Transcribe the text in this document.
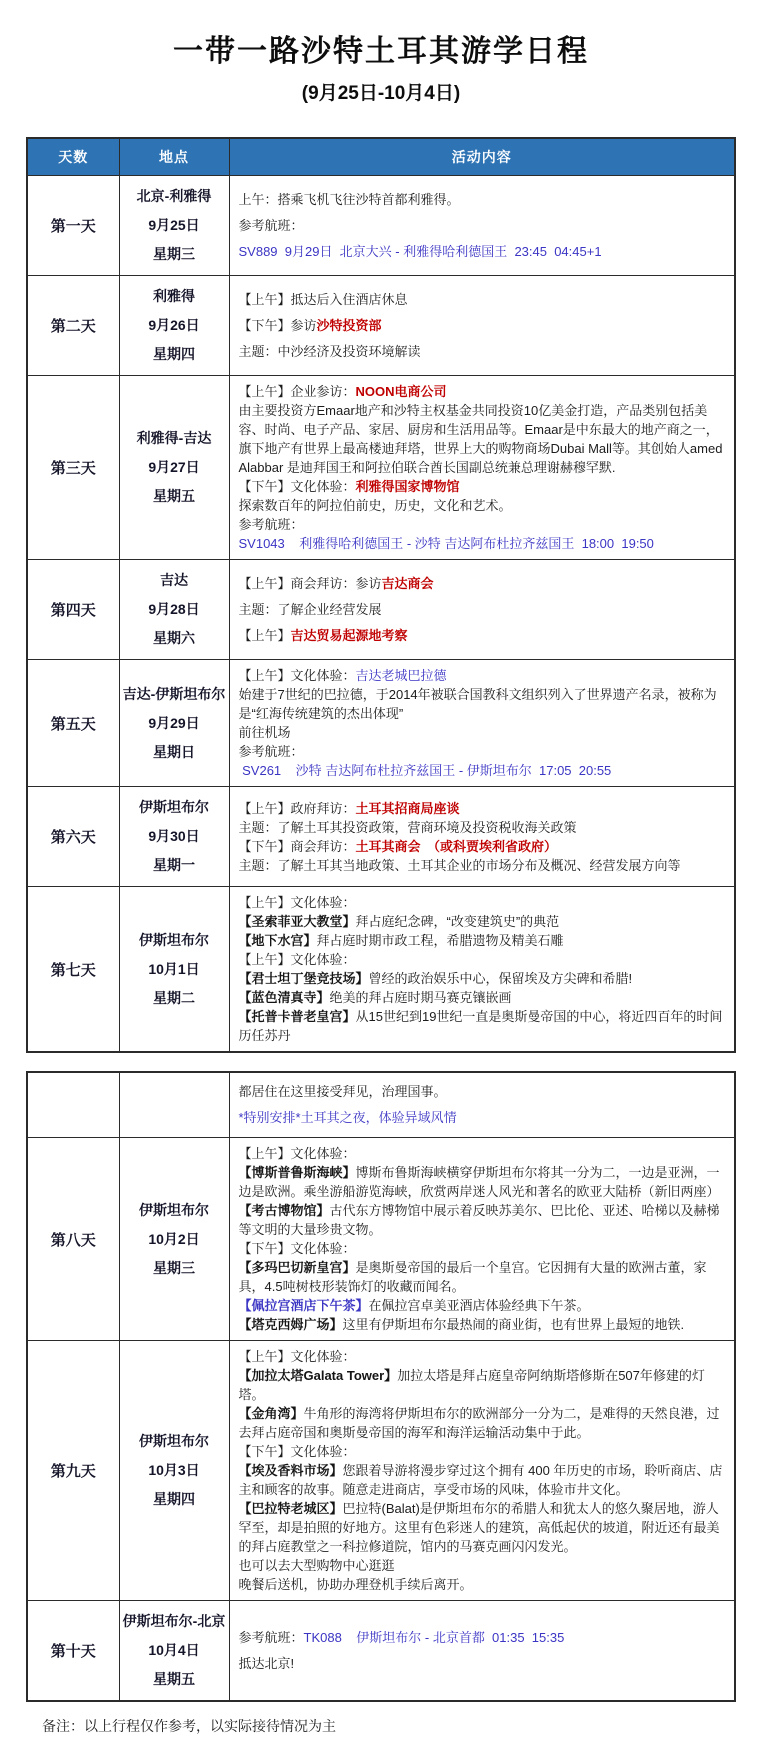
一带一路沙特土耳其游学日程
(9月25日-10月4日)
天数	地点	活动内容
第一天	
北京-利雅得
9月25日
星期三

上午：搭乘飞机飞往沙特首都利雅得。
参考航班：
SV889  9月29日  北京大兴 - 利雅得哈利德国王  23:45  04:45+1

第二天	
利雅得
9月26日
星期四

【上午】抵达后入住酒店休息
【下午】参访沙特投资部
主题：中沙经济及投资环境解读

第三天	
利雅得-吉达
9月27日
星期五

【上午】企业参访：NOON电商公司
由主要投资方Emaar地产和沙特主权基金共同投资10亿美金打造，产品类别包括美容、时尚、电子产品、家居、厨房和生活用品等。Emaar是中东最大的地产商之一，旗下地产有世界上最高楼迪拜塔，世界上大的购物商场Dubai Mall等。其创始人amed Alabbar 是迪拜国王和阿拉伯联合酋长国副总统兼总理谢赫穆罕默.
【下午】文化体验：利雅得国家博物馆
探索数百年的阿拉伯前史，历史，文化和艺术。
参考航班：
SV1043    利雅得哈利德国王 - 沙特 吉达阿布杜拉齐兹国王  18:00  19:50

第四天	
吉达
9月28日
星期六

【上午】商会拜访：参访吉达商会
主题：了解企业经营发展
【上午】吉达贸易起源地考察

第五天	
吉达-伊斯坦布尔
9月29日
星期日

【上午】文化体验：吉达老城巴拉德
始建于7世纪的巴拉德，于2014年被联合国教科文组织列入了世界遗产名录，被称为是“红海传统建筑的杰出体现”
前往机场
参考航班：
SV261    沙特 吉达阿布杜拉齐兹国王 - 伊斯坦布尔  17:05  20:55

第六天	
伊斯坦布尔
9月30日
星期一

【上午】政府拜访：土耳其招商局座谈
主题：了解土耳其投资政策，营商环境及投资税收海关政策
【下午】商会拜访：土耳其商会　（或科贾埃利省政府）
主题：了解土耳其当地政策、土耳其企业的市场分布及概况、经营发展方向等

第七天	
伊斯坦布尔
10月1日
星期二

【上午】文化体验：
【圣索菲亚大教堂】拜占庭纪念碑，“改变建筑史”的典范
【地下水宫】拜占庭时期市政工程，希腊遗物及精美石雕
【上午】文化体验：
【君士坦丁堡竞技场】曾经的政治娱乐中心，保留埃及方尖碑和希腊!
【蓝色清真寺】绝美的拜占庭时期马赛克镶嵌画
【托普卡普老皇宫】从15世纪到19世纪一直是奥斯曼帝国的中心，将近四百年的时间历任苏丹

		都居住在这里接受拜见，治理国事。
*特别安排*土耳其之夜，体验异域风情

第八天	
伊斯坦布尔
10月2日
星期三

【上午】文化体验：
【博斯普鲁斯海峡】博斯布鲁斯海峡横穿伊斯坦布尔将其一分为二，一边是亚洲，一边是欧洲。乘坐游船游览海峡，欣赏两岸迷人风光和著名的欧亚大陆桥（新旧两座）
【考古博物馆】古代东方博物馆中展示着反映苏美尔、巴比伦、亚述、哈梯以及赫梯等文明的大量珍贵文物。
【下午】文化体验：
【多玛巴切新皇宫】是奥斯曼帝国的最后一个皇宫。它因拥有大量的欧洲古董，家具，4.5吨树枝形装饰灯的收藏而闻名。
【佩拉宫酒店下午茶】在佩拉宫卓美亚酒店体验经典下午茶。
【塔克西姆广场】这里有伊斯坦布尔最热闹的商业街，也有世界上最短的地铁.

第九天	
伊斯坦布尔
10月3日
星期四

【上午】文化体验：
【加拉太塔Galata Tower】加拉太塔是拜占庭皇帝阿纳斯塔修斯在507年修建的灯塔。
【金角湾】牛角形的海湾将伊斯坦布尔的欧洲部分一分为二，是难得的天然良港，过去拜占庭帝国和奥斯曼帝国的海军和海洋运输活动集中于此。
【下午】文化体验：
【埃及香料市场】您跟着导游将漫步穿过这个拥有 400 年历史的市场，聆听商店、店主和顾客的故事。随意走进商店，享受市场的风味，体验市井文化。
【巴拉特老城区】巴拉特(Balat)是伊斯坦布尔的希腊人和犹太人的悠久聚居地，游人罕至，却是拍照的好地方。这里有色彩迷人的建筑，高低起伏的坡道，附近还有最美的拜占庭教堂之一科拉修道院，馆内的马赛克画闪闪发光。
也可以去大型购物中心逛逛
晚餐后送机，协助办理登机手续后离开。

第十天	
伊斯坦布尔-北京
10月4日
星期五

参考航班：TK088    伊斯坦布尔 - 北京首都  01:35  15:35
抵达北京!
备注：以上行程仅作参考，以实际接待情况为主
